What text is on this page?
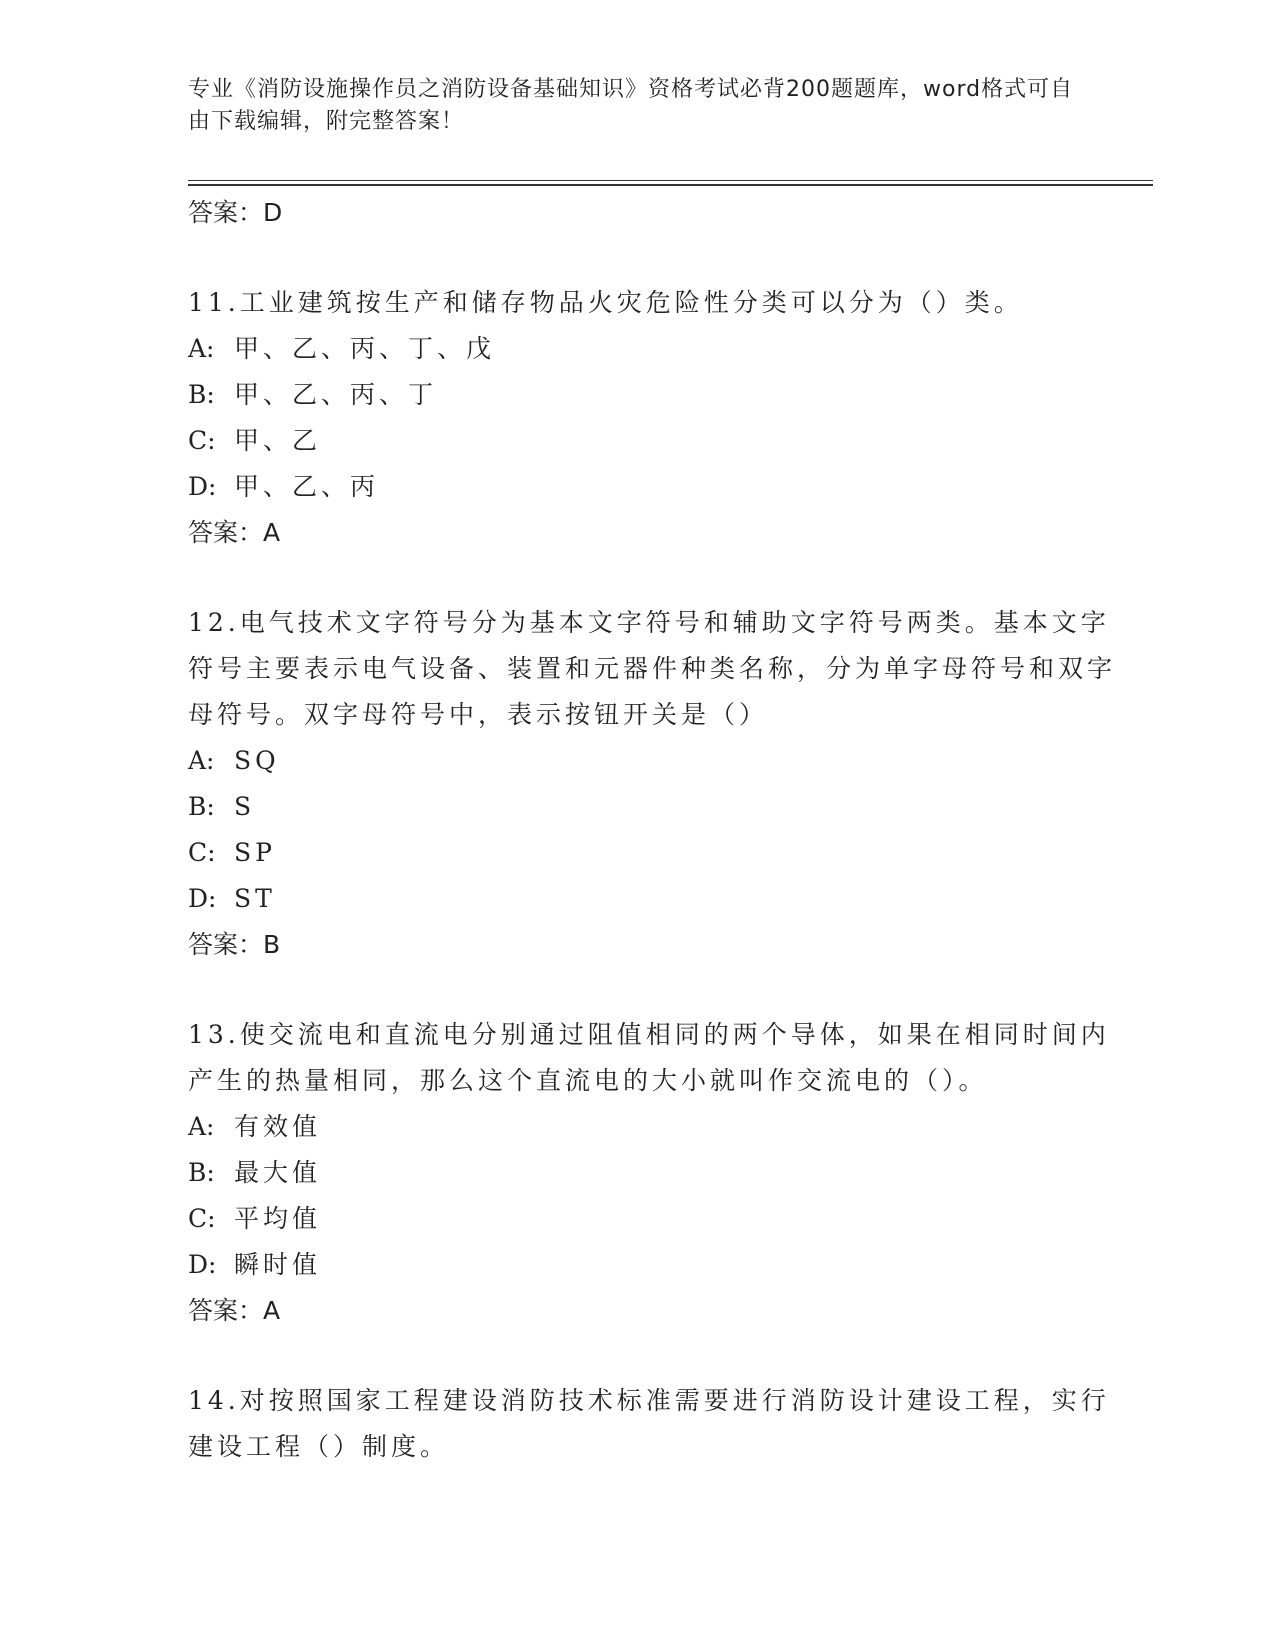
专业《消防设施操作员之消防设备基础知识》资格考试必背200题题库，word格式可自由下载编辑，附完整答案！
答案：D
11.工业建筑按生产和储存物品火灾危险性分类可以分为（）类。
A: 甲、乙、丙、丁、戊
B: 甲、乙、丙、丁
C: 甲、乙
D: 甲、乙、丙
答案：A
12.电气技术文字符号分为基本文字符号和辅助文字符号两类。基本文字符号主要表示电气设备、装置和元器件种类名称，分为单字母符号和双字母符号。双字母符号中，表示按钮开关是（）
A: SQ
B: S
C: SP
D: ST
答案：B
13.使交流电和直流电分别通过阻值相同的两个导体，如果在相同时间内产生的热量相同，那么这个直流电的大小就叫作交流电的（）。
A: 有效值
B: 最大值
C: 平均值
D: 瞬时值
答案：A
14.对按照国家工程建设消防技术标准需要进行消防设计建设工程，实行建设工程（）制度。
